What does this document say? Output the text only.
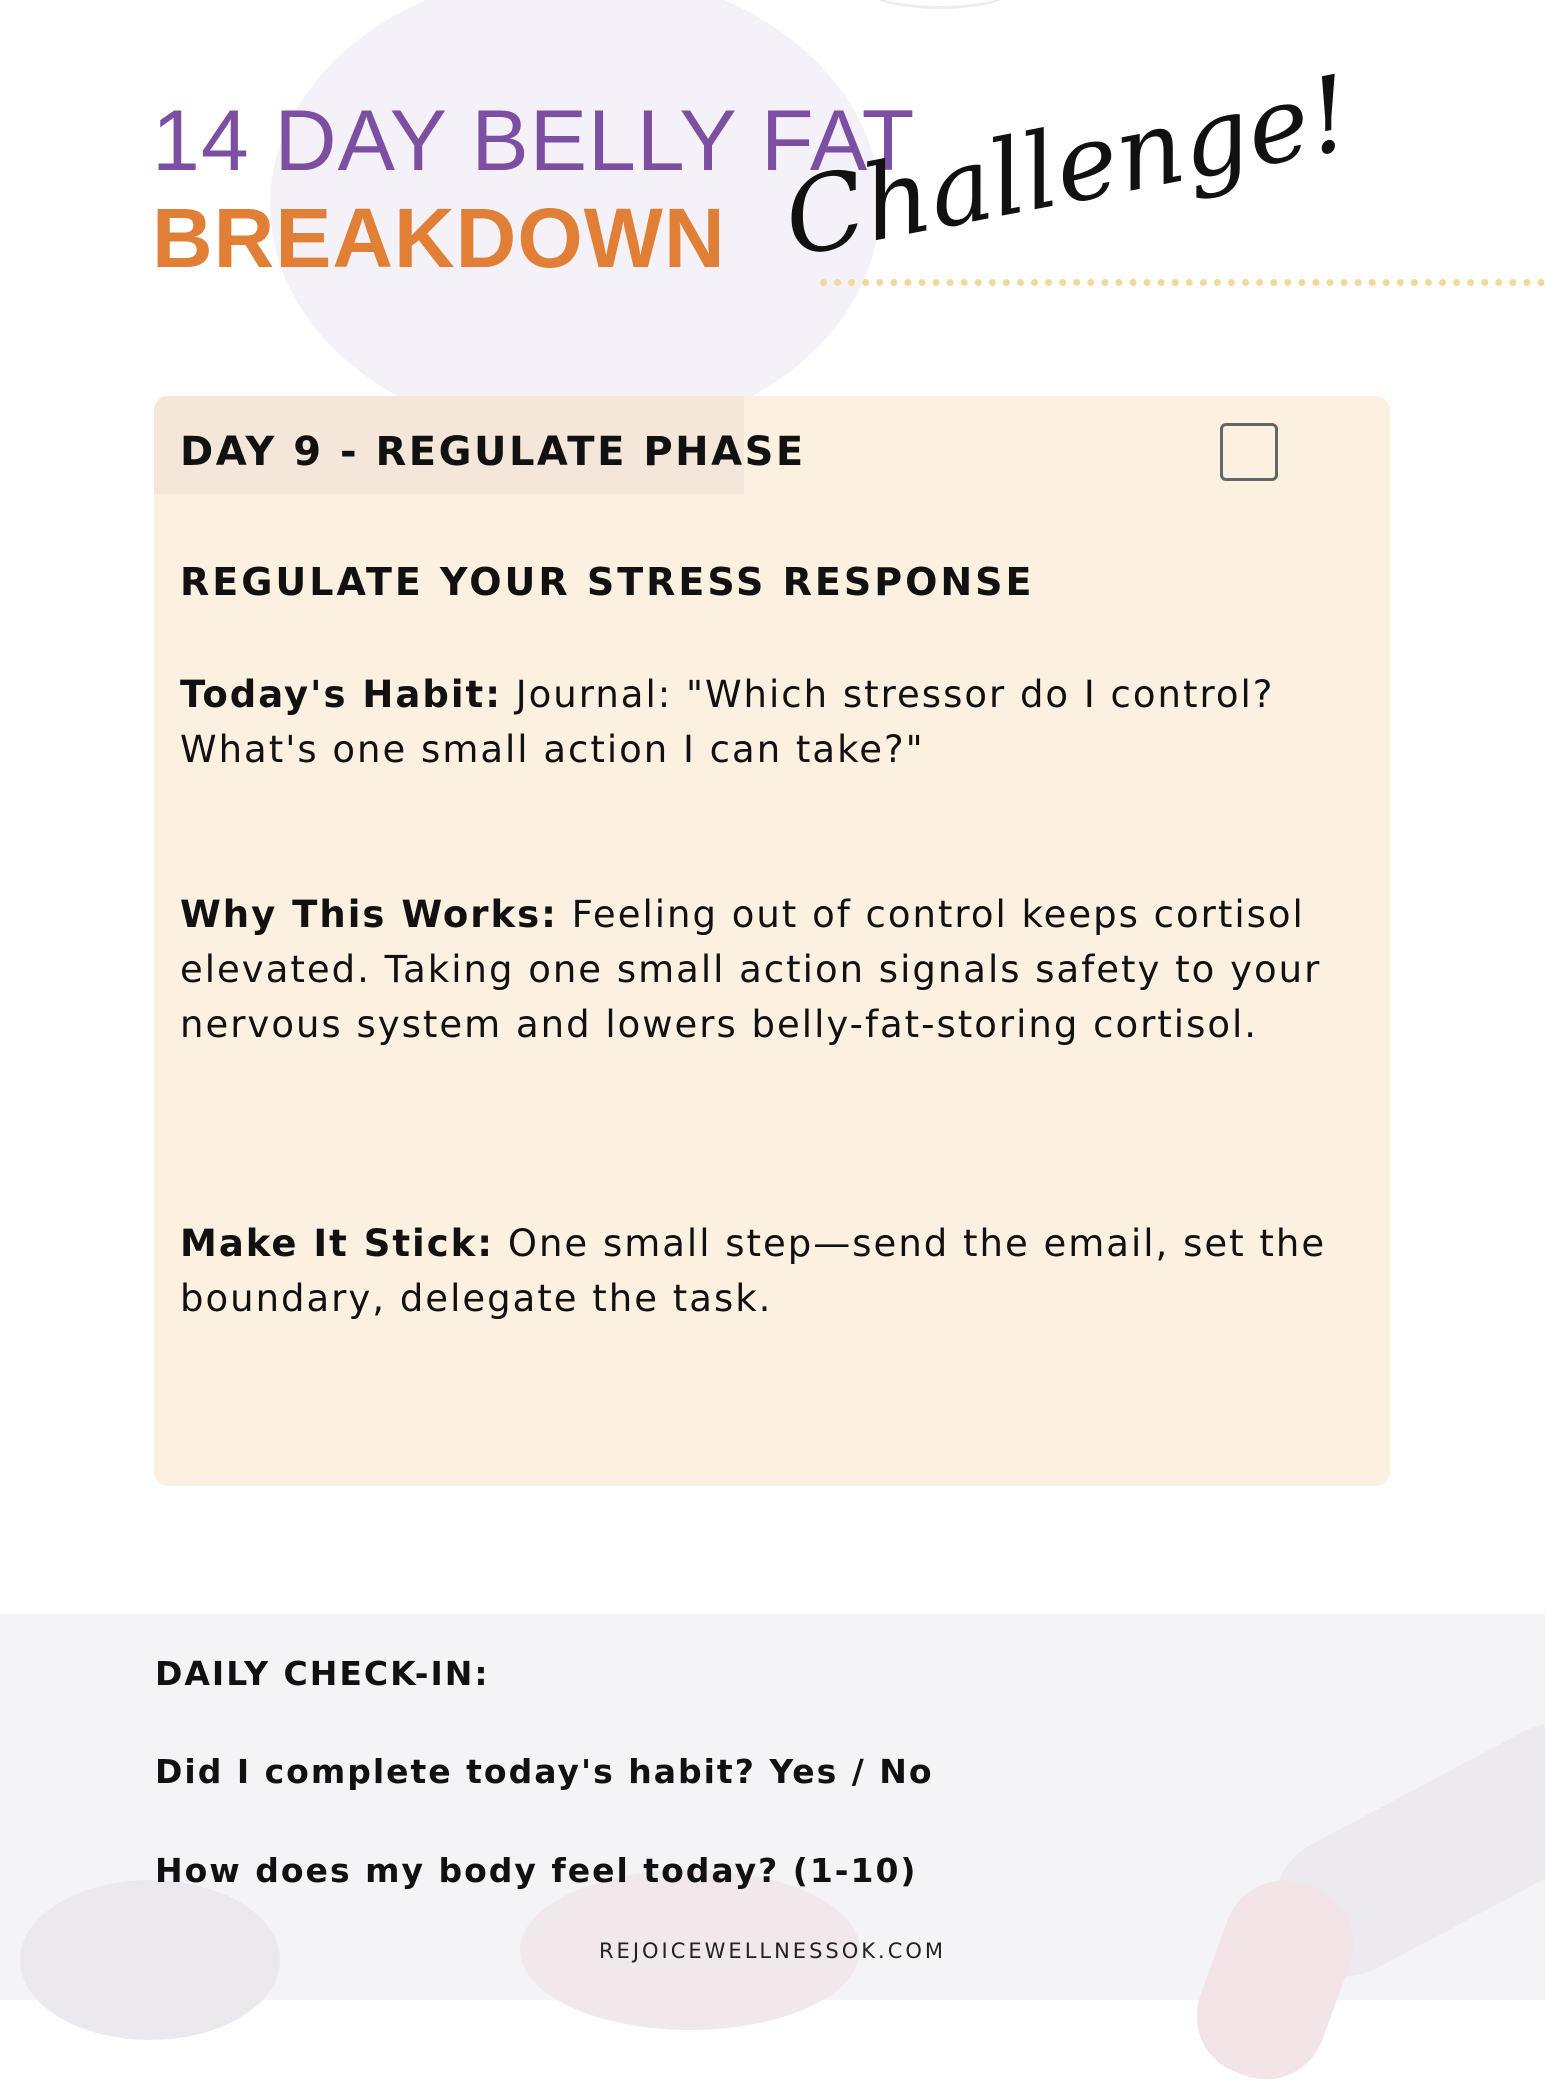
14 DAY BELLY FAT
BREAKDOWN Challenge!
DAY 9 - REGULATE PHASE
REGULATE YOUR STRESS RESPONSE
Today's Habit: Journal: "Which stressor do I control? What's one small action I can take?"
Why This Works: Feeling out of control keeps cortisol elevated. Taking one small action signals safety to your nervous system and lowers belly-fat-storing cortisol.
Make It Stick: One small step—send the email, set the boundary, delegate the task.
DAILY CHECK-IN:
Did I complete today's habit? Yes / No
How does my body feel today? (1-10)
REJOICEWELLNESSOK.COM
